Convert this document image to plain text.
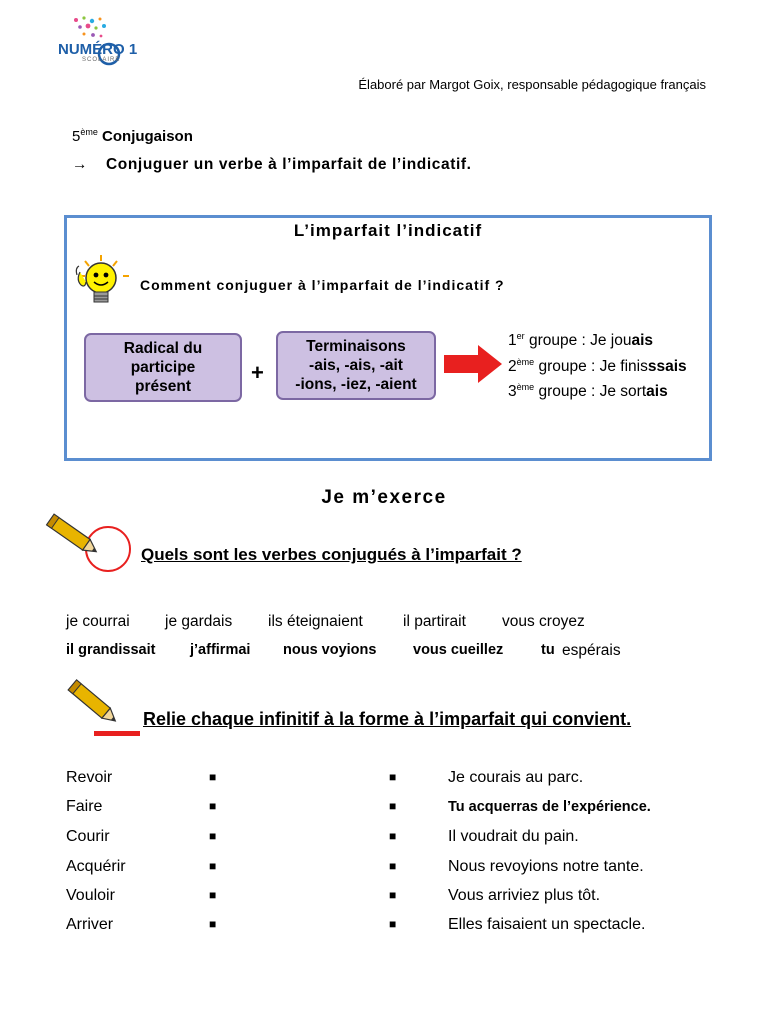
NUMÉRO 1
SCOLAIRE
Élaboré par Margot Goix, responsable pédagogique français
5ème Conjugaison
→ Conjuguer un verbe à l’imparfait de l’indicatif.
L’imparfait l’indicatif
Comment conjuguer à l’imparfait de l’indicatif ?
Radical du
participe
présent
+
Terminaisons
-ais, -ais, -ait
-ions, -iez, -aient
1er groupe : Je jouais
2ème groupe : Je finisssais
3ème groupe : Je sortais
Je m’exerce
Quels sont les verbes conjugués à l’imparfait ?
je courrai je gardais ils éteignaient	il partirait vous croyez
il grandissait j’affirmai nous voyions	vous cueillez	tu espérais
Relie chaque infinitif à la forme à l’imparfait qui convient.
Revoir	■	■	Je courais au parc.
Faire	■	■	Tu acquerras de l’expérience.
Courir	■	■	Il voudrait du pain.
Acquérir	■	■	Nous revoyions notre tante.
Vouloir	■	■	Vous arriviez plus tôt.
Arriver	■	■	Elles faisaient un spectacle.
